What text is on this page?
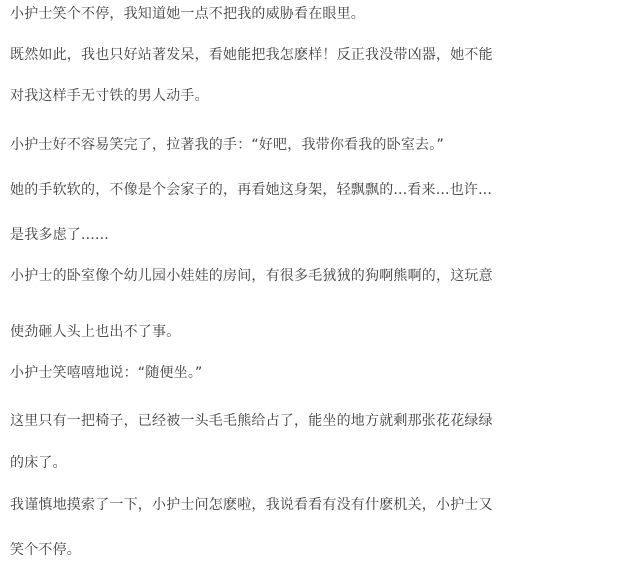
小护士笑个不停，我知道她一点不把我的威胁看在眼里。
既然如此，我也只好站著发呆，看她能把我怎麽样！反正我没带凶器，她不能
对我这样手无寸铁的男人动手。
小护士好不容易笑完了，拉著我的手：“好吧，我带你看我的卧室去。”
她的手软软的，不像是个会家子的，再看她这身架，轻飘飘的...看来...也许...
是我多虑了......
小护士的卧室像个幼儿园小娃娃的房间，有很多毛狨狨的狗啊熊啊的，这玩意
使劲砸人头上也出不了事。
小护士笑嘻嘻地说：“随便坐。”
这里只有一把椅子，已经被一头毛毛熊给占了，能坐的地方就剩那张花花绿绿
的床了。
我谨慎地摸索了一下，小护士问怎麽啦，我说看看有没有什麽机关，小护士又
笑个不停。
